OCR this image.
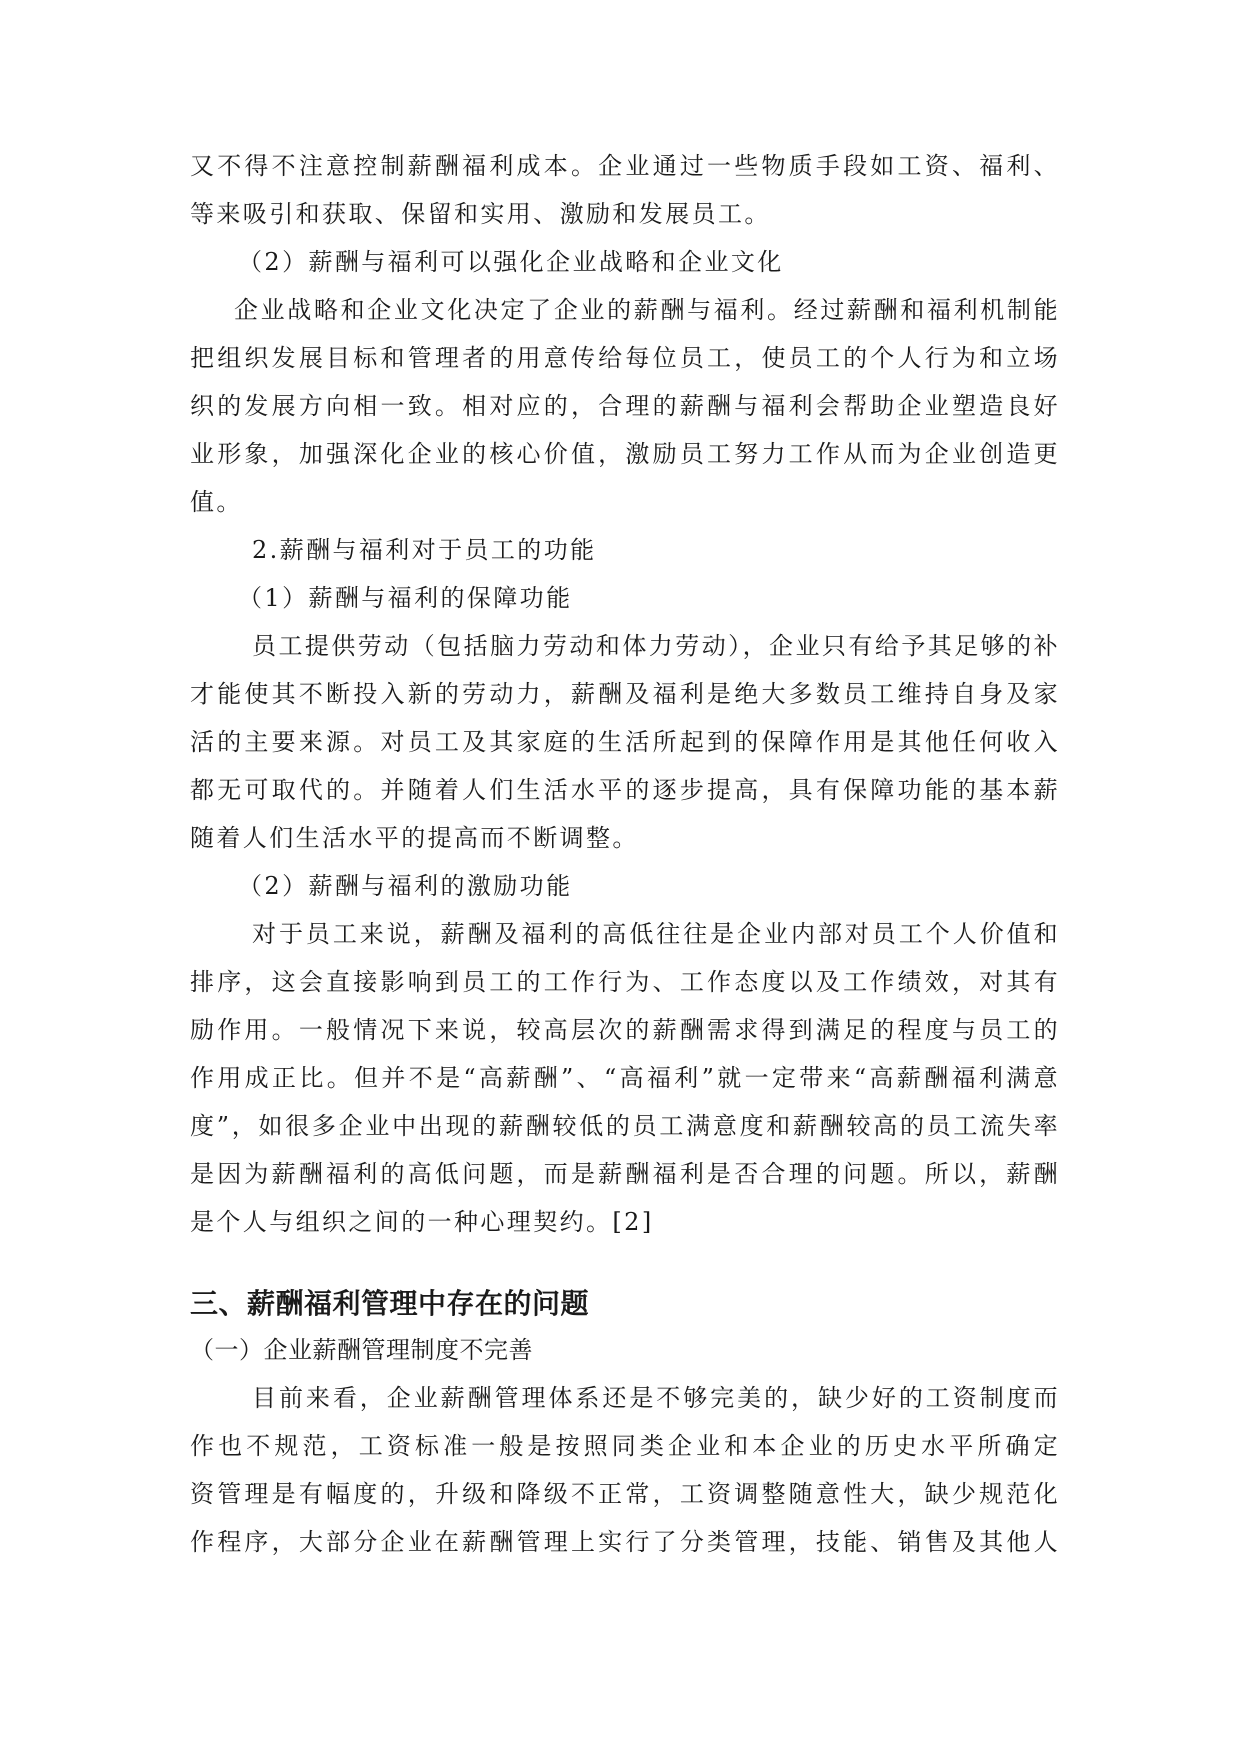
又不得不注意控制薪酬福利成本。企业通过一些物质手段如工资、福利、
等来吸引和获取、保留和实用、激励和发展员工。
（2）薪酬与福利可以强化企业战略和企业文化
企业战略和企业文化决定了企业的薪酬与福利。经过薪酬和福利机制能
把组织发展目标和管理者的用意传给每位员工，使员工的个人行为和立场
织的发展方向相一致。相对应的，合理的薪酬与福利会帮助企业塑造良好
业形象，加强深化企业的核心价值，激励员工努力工作从而为企业创造更
值。
2.薪酬与福利对于员工的功能
（1）薪酬与福利的保障功能
员工提供劳动（包括脑力劳动和体力劳动），企业只有给予其足够的补
才能使其不断投入新的劳动力，薪酬及福利是绝大多数员工维持自身及家
活的主要来源。对员工及其家庭的生活所起到的保障作用是其他任何收入
都无可取代的。并随着人们生活水平的逐步提高，具有保障功能的基本薪
随着人们生活水平的提高而不断调整。
（2）薪酬与福利的激励功能
对于员工来说，薪酬及福利的高低往往是企业内部对员工个人价值和
排序，这会直接影响到员工的工作行为、工作态度以及工作绩效，对其有
励作用。一般情况下来说，较高层次的薪酬需求得到满足的程度与员工的
作用成正比。但并不是“高薪酬”、“高福利”就一定带来“高薪酬福利满意
度”，如很多企业中出现的薪酬较低的员工满意度和薪酬较高的员工流失率
是因为薪酬福利的高低问题，而是薪酬福利是否合理的问题。所以，薪酬
是个人与组织之间的一种心理契约。[2]
三、薪酬福利管理中存在的问题
（一）企业薪酬管理制度不完善
目前来看，企业薪酬管理体系还是不够完美的，缺少好的工资制度而
作也不规范，工资标准一般是按照同类企业和本企业的历史水平所确定
资管理是有幅度的，升级和降级不正常，工资调整随意性大，缺少规范化
作程序，大部分企业在薪酬管理上实行了分类管理，技能、销售及其他人
